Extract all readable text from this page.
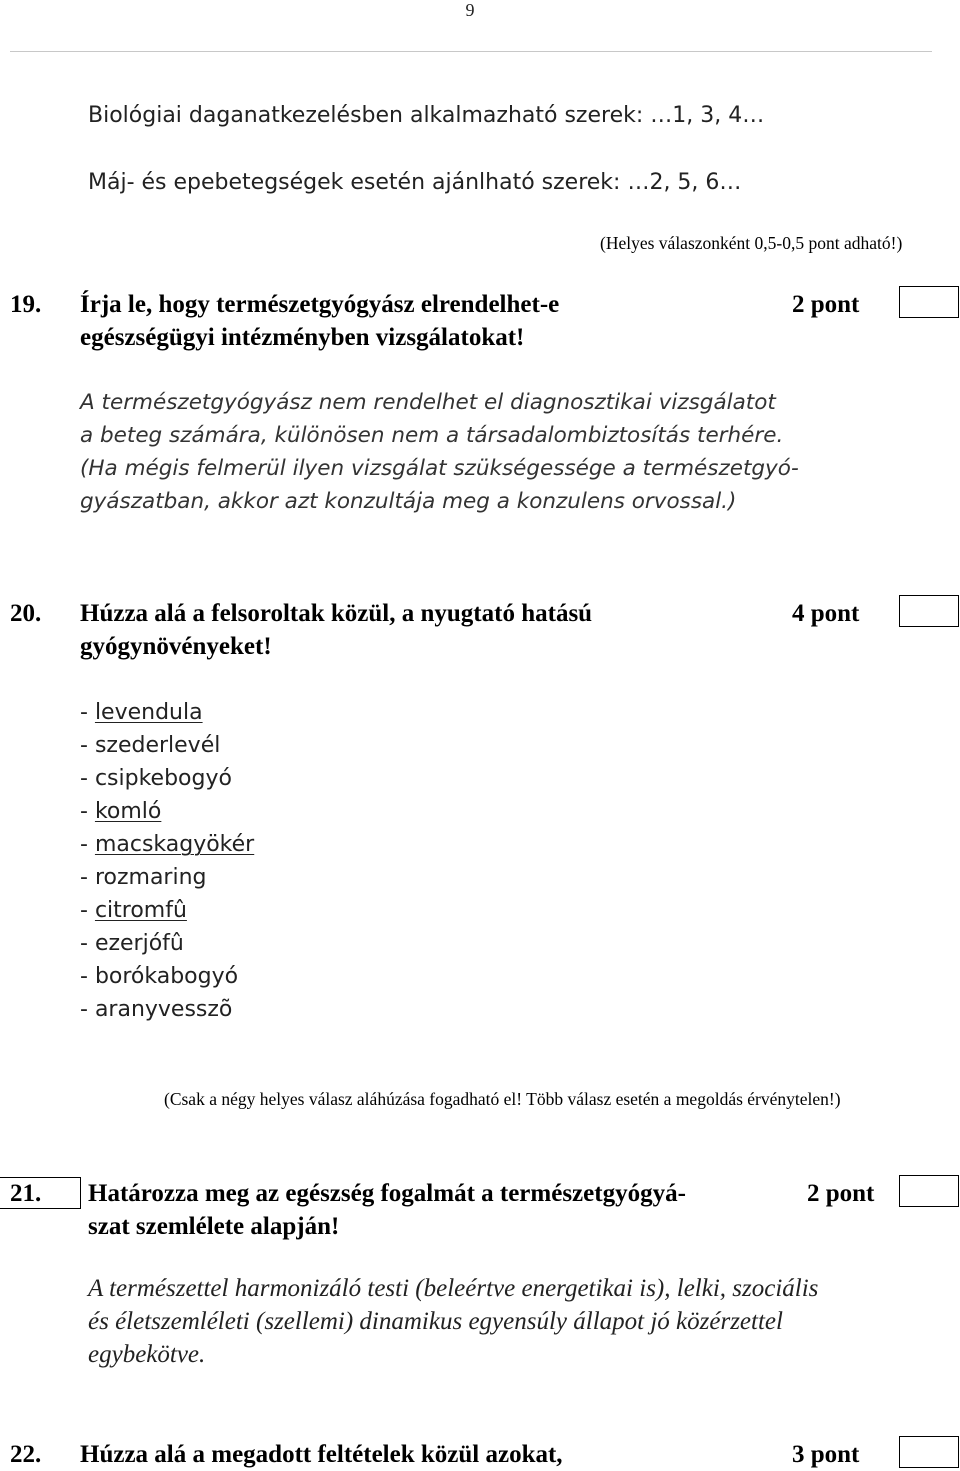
9
Biológiai daganatkezelésben alkalmazható szerek: …1, 3, 4…
Máj- és epebetegségek esetén ajánlható szerek: …2, 5, 6…
(Helyes válaszonként 0,5-0,5 pont adható!)
19. Írja le, hogy természetgyógyász elrendelhet-e
egészségügyi intézményben vizsgálatokat!
2 pont
A természetgyógyász nem rendelhet el diagnosztikai vizsgálatot
a beteg számára, különösen nem a társadalombiztosítás terhére.
(Ha mégis felmerül ilyen vizsgálat szükségessége a természetgyó-
gyászatban, akkor azt konzultája meg a konzulens orvossal.)
20. Húzza alá a felsoroltak közül, a nyugtató hatású
gyógynövényeket!
4 pont
- levendula
- szederlevél
- csipkebogyó
- komló
- macskagyökér
- rozmaring
- citromfû
- ezerjófû
- borókabogyó
- aranyvesszõ
(Csak a négy helyes válasz aláhúzása fogadható el! Több válasz esetén a megoldás érvénytelen!)
21. Határozza meg az egészség fogalmát a természetgyógyá-
szat szemlélete alapján!
2 pont
A természettel harmonizáló testi (beleértve energetikai is), lelki, szociális
és életszemléleti (szellemi) dinamikus egyensúly állapot jó közérzettel
egybekötve.
22. Húzza alá a megadott feltételek közül azokat,	3 pont
